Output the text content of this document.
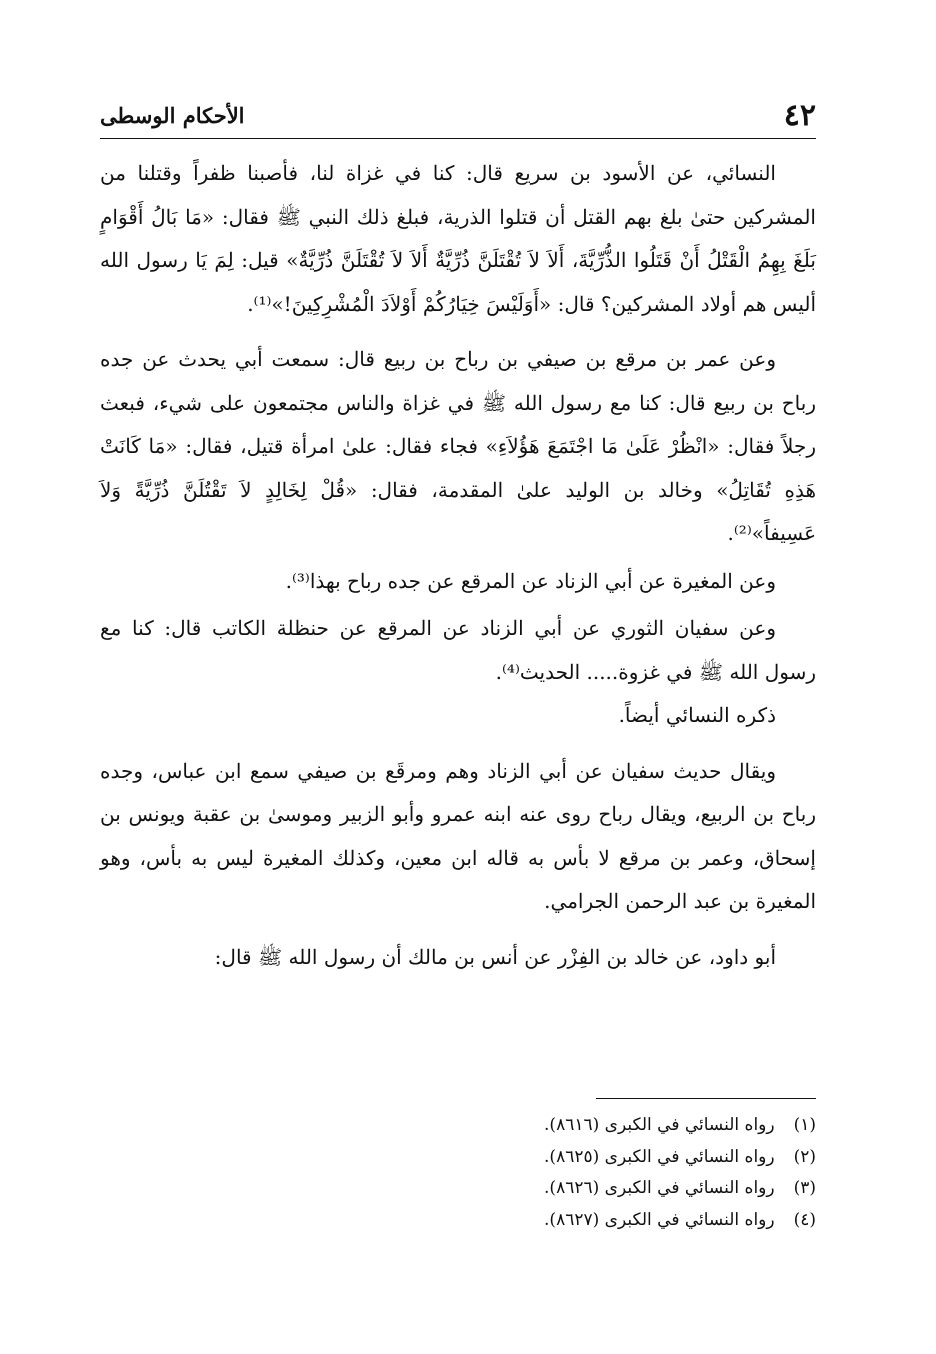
٤٢
الأحكام الوسطى

النسائي، عن الأسود بن سريع قال: كنا في غزاة لنا، فأصبنا ظفراً وقتلنا من المشركين حتىٰ بلغ بهم القتل أن قتلوا الذرية، فبلغ ذلك النبي ﷺ فقال: «مَا بَالُ أَقْوَامٍ بَلَغَ بِهِمُ الْقَتْلُ أَنْ قَتَلُوا الذُّرِّيَّةَ، أَلاَ لاَ تُقْتَلَنَّ ذُرِّيَّةٌ أَلاَ لاَ تُقْتَلَنَّ ذُرِّيَّةٌ» قيل: لِمَ يَا رسول الله أليس هم أولاد المشركين؟ قال: «أَوَلَيْسَ خِيَارُكُمْ أَوْلاَدَ الْمُشْرِكِينَ!»⁽¹⁾.

وعن عمر بن مرقع بن صيفي بن رباح بن ربيع قال: سمعت أبي يحدث عن جده رباح بن ربيع قال: كنا مع رسول الله ﷺ في غزاة والناس مجتمعون على شيء، فبعث رجلاً فقال: «انْظُرْ عَلَىٰ مَا اجْتَمَعَ هَؤُلاَءِ» فجاء فقال: علىٰ امرأة قتيل، فقال: «مَا كَانَتْ هَذِهِ تُقَاتِلُ» وخالد بن الوليد علىٰ المقدمة، فقال: «قُلْ لِخَالِدٍ لاَ تَقْتُلَنَّ ذُرِّيَّةً وَلاَ عَسِيفاً»⁽²⁾.

وعن المغيرة عن أبي الزناد عن المرقع عن جده رباح بهذا⁽³⁾.

وعن سفيان الثوري عن أبي الزناد عن المرقع عن حنظلة الكاتب قال: كنا مع رسول الله ﷺ في غزوة..... الحديث⁽⁴⁾.

ذكره النسائي أيضاً.

ويقال حديث سفيان عن أبي الزناد وهم ومرقَع بن صيفي سمع ابن عباس، وجده رباح بن الربيع، ويقال رباح روى عنه ابنه عمرو وأبو الزبير وموسىٰ بن عقبة ويونس بن إسحاق، وعمر بن مرقع لا بأس به قاله ابن معين، وكذلك المغيرة ليس به بأس، وهو المغيرة بن عبد الرحمن الجرامي.

أبو داود، عن خالد بن الفِزْر عن أنس بن مالك أن رسول الله ﷺ قال:

(١) رواه النسائي في الكبرى (٨٦١٦).

(٢) رواه النسائي في الكبرى (٨٦٢٥).

(٣) رواه النسائي في الكبرى (٨٦٢٦).

(٤) رواه النسائي في الكبرى (٨٦٢٧).
